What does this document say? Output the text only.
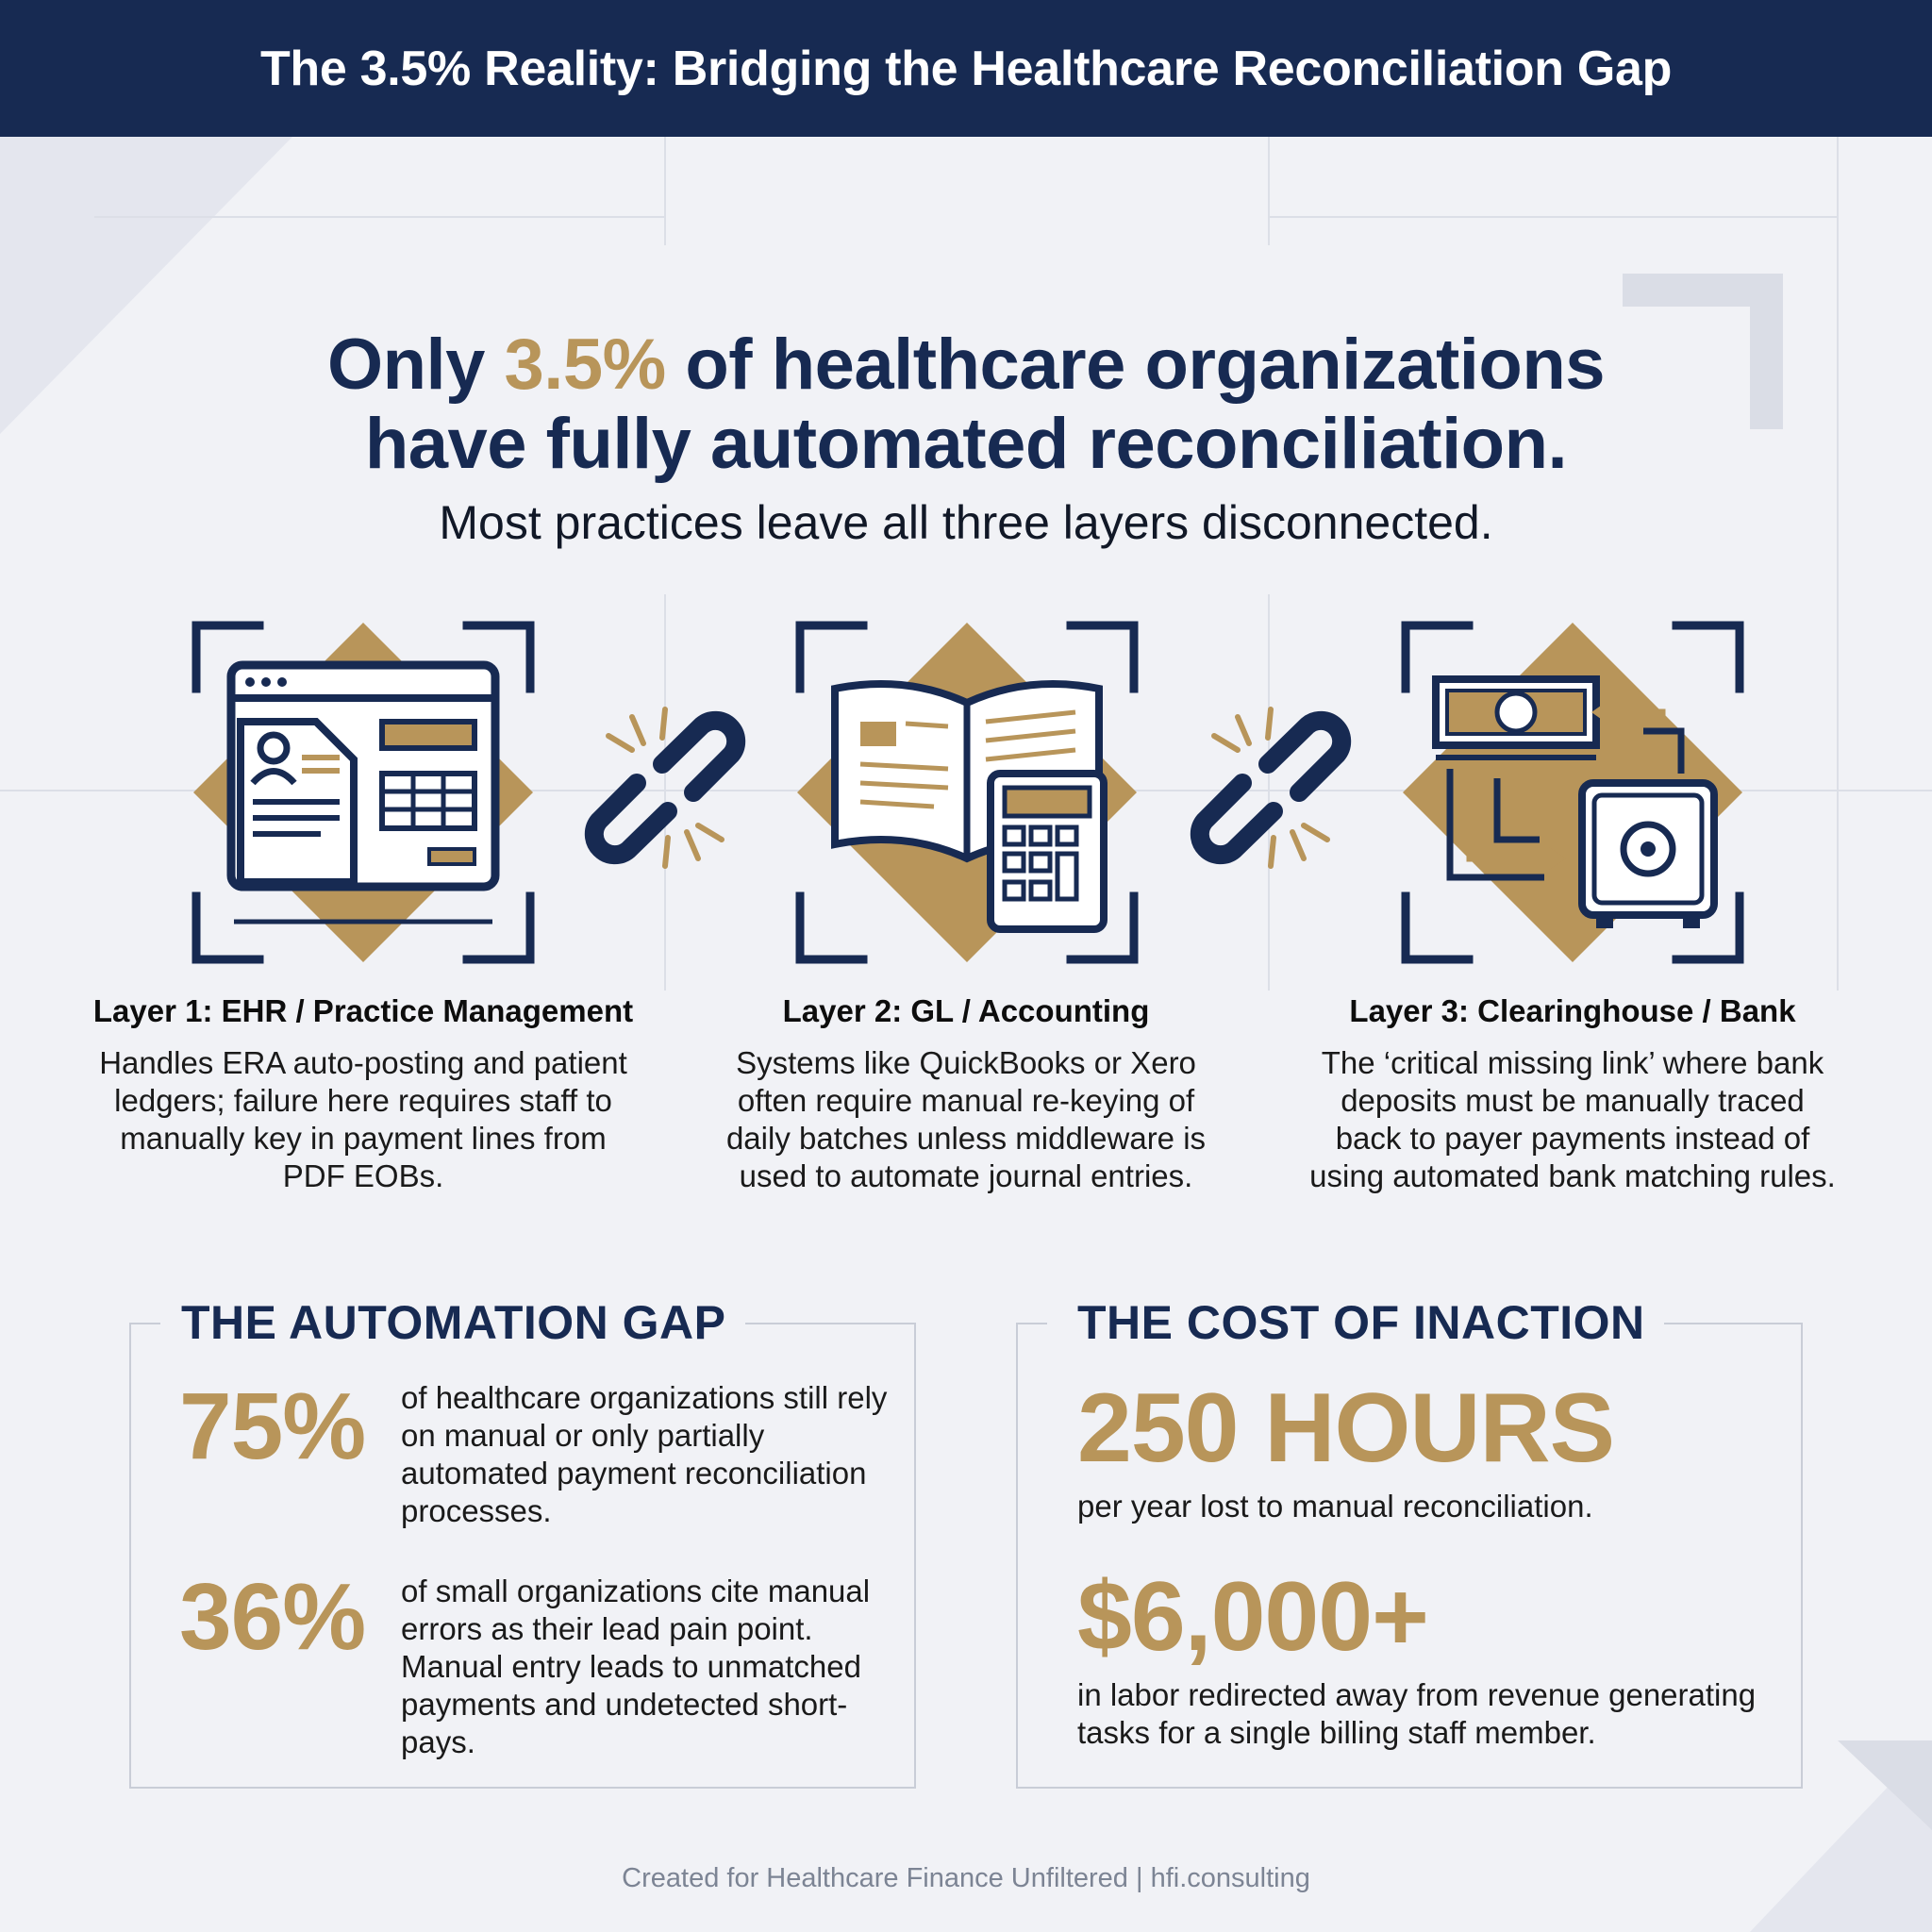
The 3.5% Reality: Bridging the Healthcare Reconciliation Gap
Only 3.5% of healthcare organizations
have fully automated reconciliation.
Most practices leave all three layers disconnected.
Layer 1: EHR / Practice Management
Handles ERA auto-posting and patient ledgers; failure here requires staff to manually key in payment lines from PDF EOBs.
Layer 2: GL / Accounting
Systems like QuickBooks or Xero often require manual re-keying of daily batches unless middleware is used to automate journal entries.
Layer 3: Clearinghouse / Bank
The ‘critical missing link’ where bank deposits must be manually traced back to payer payments instead of using automated bank matching rules.
THE AUTOMATION GAP
75% of healthcare organizations still rely on manual or only partially automated payment reconciliation processes.
36% of small organizations cite manual errors as their lead pain point. Manual entry leads to unmatched payments and undetected short-pays.
THE COST OF INACTION
250 HOURS
per year lost to manual reconciliation.
$6,000+
in labor redirected away from revenue generating tasks for a single billing staff member.
Created for Healthcare Finance Unfiltered | hfi.consulting
